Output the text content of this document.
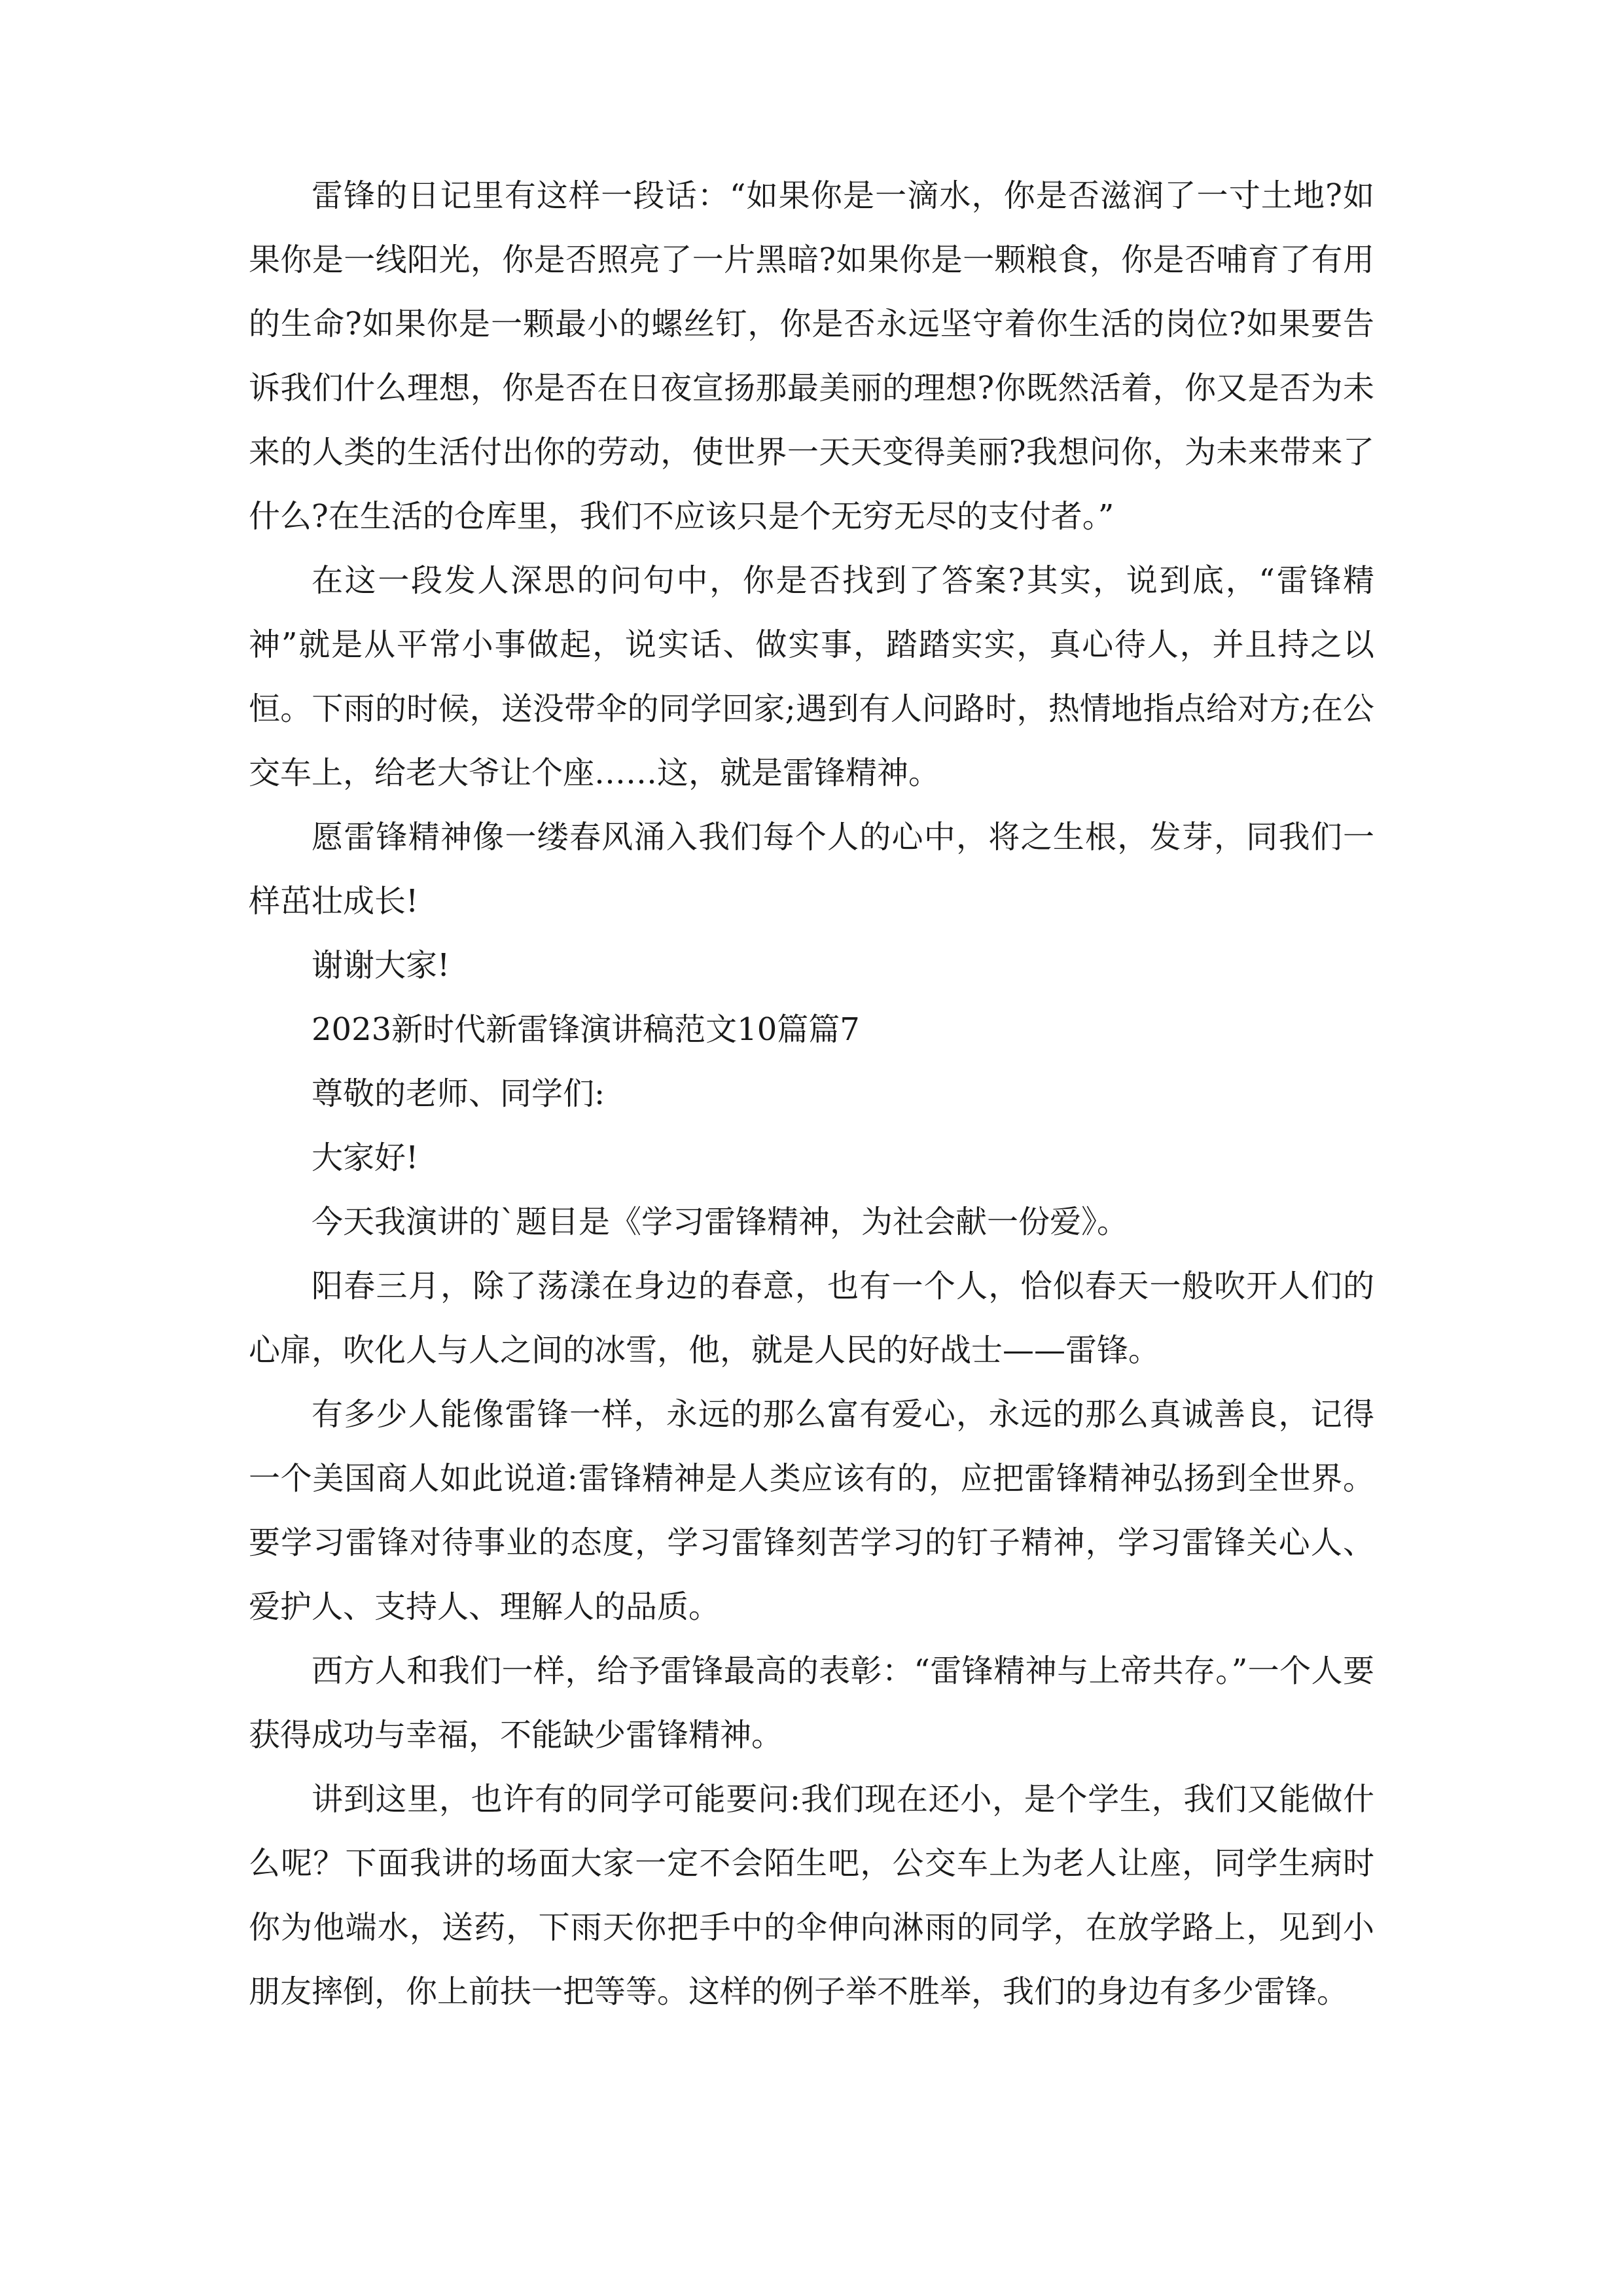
雷锋的日记里有这样一段话：“如果你是一滴水，你是否滋润了一寸土地?如果你是一线阳光，你是否照亮了一片黑暗?如果你是一颗粮食，你是否哺育了有用的生命?如果你是一颗最小的螺丝钉，你是否永远坚守着你生活的岗位?如果要告诉我们什么理想，你是否在日夜宣扬那最美丽的理想?你既然活着，你又是否为未来的人类的生活付出你的劳动，使世界一天天变得美丽?我想问你，为未来带来了什么?在生活的仓库里，我们不应该只是个无穷无尽的支付者。”

在这一段发人深思的问句中，你是否找到了答案?其实，说到底，“雷锋精神”就是从平常小事做起，说实话、做实事，踏踏实实，真心待人，并且持之以恒。下雨的时候，送没带伞的同学回家;遇到有人问路时，热情地指点给对方;在公交车上，给老大爷让个座……这，就是雷锋精神。

愿雷锋精神像一缕春风涌入我们每个人的心中，将之生根，发芽，同我们一样茁壮成长!

谢谢大家!

2023新时代新雷锋演讲稿范文10篇篇7

尊敬的老师、同学们:

大家好!

今天我演讲的`题目是《学习雷锋精神，为社会献一份爱》。

阳春三月，除了荡漾在身边的春意，也有一个人，恰似春天一般吹开人们的心扉，吹化人与人之间的冰雪，他，就是人民的好战士——雷锋。

有多少人能像雷锋一样，永远的那么富有爱心，永远的那么真诚善良，记得一个美国商人如此说道:雷锋精神是人类应该有的，应把雷锋精神弘扬到全世界。要学习雷锋对待事业的态度，学习雷锋刻苦学习的钉子精神，学习雷锋关心人、爱护人、支持人、理解人的品质。

西方人和我们一样，给予雷锋最高的表彰：“雷锋精神与上帝共存。”一个人要获得成功与幸福，不能缺少雷锋精神。

讲到这里，也许有的同学可能要问:我们现在还小，是个学生，我们又能做什么呢？下面我讲的场面大家一定不会陌生吧，公交车上为老人让座，同学生病时你为他端水，送药，下雨天你把手中的伞伸向淋雨的同学，在放学路上，见到小朋友摔倒，你上前扶一把等等。这样的例子举不胜举，我们的身边有多少雷锋。
